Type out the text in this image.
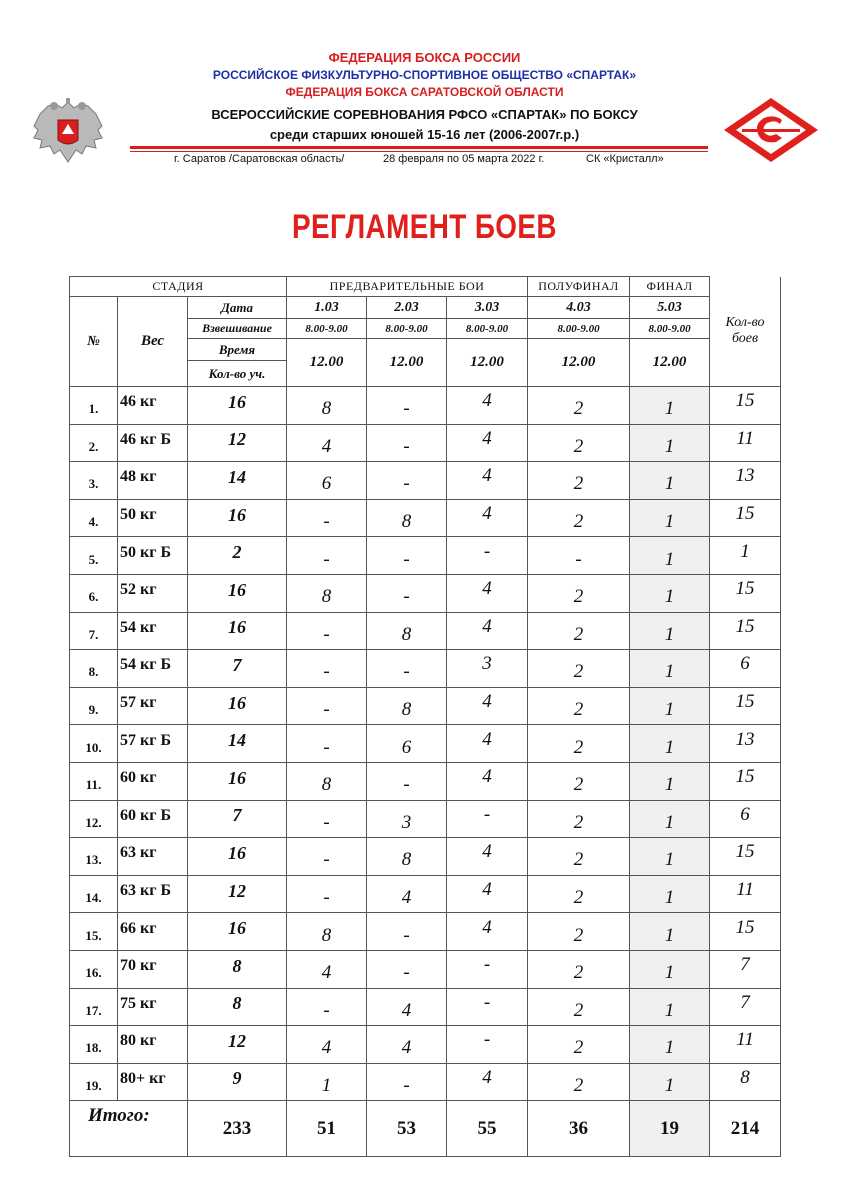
ФЕДЕРАЦИЯ БОКСА РОССИИ
РОССИЙСКОЕ ФИЗКУЛЬТУРНО-СПОРТИВНОЕ ОБЩЕСТВО «СПАРТАК»
ФЕДЕРАЦИЯ БОКСА САРАТОВСКОЙ ОБЛАСТИ
ВСЕРОССИЙСКИЕ СОРЕВНОВАНИЯ РФСО «СПАРТАК» ПО БОКСУ
среди старших юношей 15-16 лет (2006-2007г.р.)
г. Саратов /Саратовская область/	28 февраля по 05 марта 2022 г.	СК «Кристалл»
РЕГЛАМЕНТ БОЕВ
СТАДИЯ			ПРЕДВАРИТЕЛЬНЫЕ БОИ			ПОЛУФИНАЛ	ФИНАЛ	Кол-во
боев

№	Вес	Дата	1.03	2.03	3.03	4.03	5.03	
		Взвешивание	8.00-9.00	8.00-9.00	8.00-9.00	8.00-9.00	8.00-9.00	
		Время	12.00	12.00	12.00	12.00	12.00	
		Кол-во уч.						
1.	46 кг	16	8	-	4	2	1	15
2.	46 кг Б	12	4	-	4	2	1	11
3.	48 кг	14	6	-	4	2	1	13
4.	50 кг	16	-	8	4	2	1	15
5.	50 кг Б	2	-	-	-	-	1	1
6.	52 кг	16	8	-	4	2	1	15
7.	54 кг	16	-	8	4	2	1	15
8.	54 кг Б	7	-	-	3	2	1	6
9.	57 кг	16	-	8	4	2	1	15
10.	57 кг Б	14	-	6	4	2	1	13
11.	60 кг	16	8	-	4	2	1	15
12.	60 кг Б	7	-	3	-	2	1	6
13.	63 кг	16	-	8	4	2	1	15
14.	63 кг Б	12	-	4	4	2	1	11
15.	66 кг	16	8	-	4	2	1	15
16.	70 кг	8	4	-	-	2	1	7
17.	75 кг	8	-	4	-	2	1	7
18.	80 кг	12	4	4	-	2	1	11
19.	80+ кг	9	1	-	4	2	1	8
Итого:		233	51	53	55	36	19	214
